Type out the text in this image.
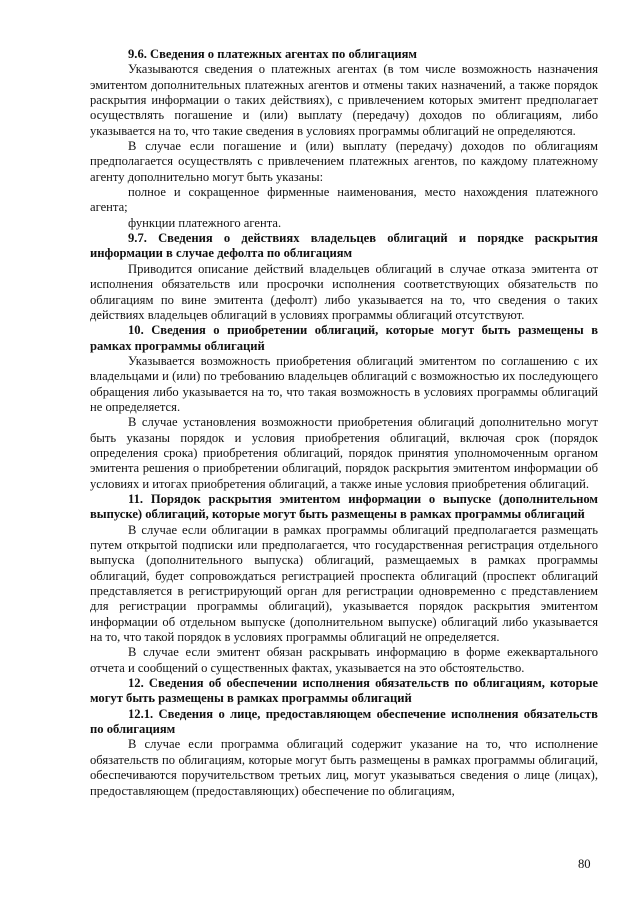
9.6. Сведения о платежных агентах по облигациям

Указываются сведения о платежных агентах (в том числе возможность назначения эмитентом дополнительных платежных агентов и отмены таких назначений, а также порядок раскрытия информации о таких действиях), с привлечением которых эмитент предполагает осуществлять погашение и (или) выплату (передачу) доходов по облигациям, либо указывается на то, что такие сведения в условиях программы облигаций не определяются.

В случае если погашение и (или) выплату (передачу) доходов по облигациям предполагается осуществлять с привлечением платежных агентов, по каждому платежному агенту дополнительно могут быть указаны:

полное и сокращенное фирменные наименования, место нахождения платежного агента;

функции платежного агента.

9.7. Сведения о действиях владельцев облигаций и порядке раскрытия информации в случае дефолта по облигациям

Приводится описание действий владельцев облигаций в случае отказа эмитента от исполнения обязательств или просрочки исполнения соответствующих обязательств по облигациям по вине эмитента (дефолт) либо указывается на то, что сведения о таких действиях владельцев облигаций в условиях программы облигаций отсутствуют.

10. Сведения о приобретении облигаций, которые могут быть размещены в рамках программы облигаций

Указывается возможность приобретения облигаций эмитентом по соглашению с их владельцами и (или) по требованию владельцев облигаций с возможностью их последующего обращения либо указывается на то, что такая возможность в условиях программы облигаций не определяется.

В случае установления возможности приобретения облигаций дополнительно могут быть указаны порядок и условия приобретения облигаций, включая срок (порядок определения срока) приобретения облигаций, порядок принятия уполномоченным органом эмитента решения о приобретении облигаций, порядок раскрытия эмитентом информации об условиях и итогах приобретения облигаций, а также иные условия приобретения облигаций.

11. Порядок раскрытия эмитентом информации о выпуске (дополнительном выпуске) облигаций, которые могут быть размещены в рамках программы облигаций

В случае если облигации в рамках программы облигаций предполагается размещать путем открытой подписки или предполагается, что государственная регистрация отдельного выпуска (дополнительного выпуска) облигаций, размещаемых в рамках программы облигаций, будет сопровождаться регистрацией проспекта облигаций (проспект облигаций представляется в регистрирующий орган для регистрации одновременно с представлением для регистрации программы облигаций), указывается порядок раскрытия эмитентом информации об отдельном выпуске (дополнительном выпуске) облигаций либо указывается на то, что такой порядок в условиях программы облигаций не определяется.

В случае если эмитент обязан раскрывать информацию в форме ежеквартального отчета и сообщений о существенных фактах, указывается на это обстоятельство.

12. Сведения об обеспечении исполнения обязательств по облигациям, которые могут быть размещены в рамках программы облигаций

12.1. Сведения о лице, предоставляющем обеспечение исполнения обязательств по облигациям

В случае если программа облигаций содержит указание на то, что исполнение обязательств по облигациям, которые могут быть размещены в рамках программы облигаций, обеспечиваются поручительством третьих лиц, могут указываться сведения о лице (лицах), предоставляющем (предоставляющих) обеспечение по облигациям,

80
